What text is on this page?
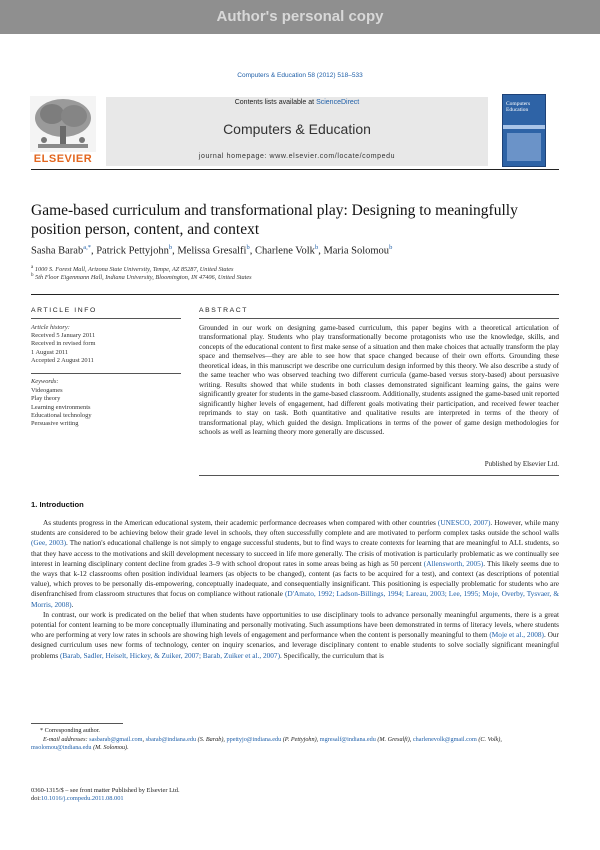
Author's personal copy
Computers & Education 58 (2012) 518–533
ELSEVIER
Contents lists available at ScienceDirect
Computers & Education
journal homepage: www.elsevier.com/locate/compedu
Computers Education
Game-based curriculum and transformational play: Designing to meaningfully position person, content, and context
Sasha Barab$^{a,*}$, Patrick Pettyjohn$^b$, Melissa Gresalfi$^b$, Charlene Volk$^b$, Maria Solomou$^b$
$^a$ 1000 S. Forest Mall, Arizona State University, Tempe, AZ 85287, United States
$^b$ 5th Floor Eigenmann Hall, Indiana University, Bloomington, IN 47406, United States
ARTICLE INFO
Article history:
Received 5 January 2011
Received in revised form
1 August 2011
Accepted 2 August 2011
Keywords:
Videogames
Play theory
Learning environments
Educational technology
Persuasive writing
ABSTRACT
Grounded in our work on designing game-based curriculum, this paper begins with a theoretical articulation of transformational play. Students who play transformationally become protagonists who use the knowledge, skills, and concepts of the educational content to first make sense of a situation and then make choices that actually transform the play space and themselves—they are able to see how that space changed because of their own efforts. Grounding these theoretical ideas, in this manuscript we describe one curriculum design informed by this theory. We also describe a study of the same teacher who was observed teaching two different curricula (game-based versus story-based) about persuasive writing. Results showed that while students in both classes demonstrated significant learning gains, the gains were significantly greater for students in the game-based classroom. Additionally, students assigned the game-based unit reported significantly higher levels of engagement, had different goals motivating their participation, and received fewer teacher reprimands to stay on task. Both quantitative and qualitative results are interpreted in terms of the theory of transformational play, which guided the design. Implications in terms of the power of game design methodologies for schools as well as learning theory more generally are discussed.
Published by Elsevier Ltd.
1. Introduction

As students progress in the American educational system, their academic performance decreases when compared with other countries (UNESCO, 2007). However, while many students are considered to be achieving below their grade level in schools, they often successfully complete and are motivated to perform complex tasks outside the school walls (Gee, 2003). The nation's educational challenge is not simply to engage successful students, but to find ways to create contexts for learning that are meaningful to ALL students, so that they have access to the motivations and skill development necessary to succeed in life more generally. The crisis of motivation is particularly problematic as we continually see interest in learning disciplinary content decline from grades 3–9 with school dropout rates in some areas being as high as 50 percent (Allensworth, 2005). This likely seems due to the ways that k-12 classrooms often position individual learners (as objects to be changed), content (as facts to be acquired for a test), and context (as descriptions of potential value), which proves to be personally dis-empowering, conceptually inadequate, and consequentially insignificant. This positioning is especially problematic for students who are disenfranchised from classroom structures that focus on compliance without rationale (D'Amato, 1992; Ladson-Billings, 1994; Lareau, 2003; Lee, 1995; Moje, Overby, Tysvaer, & Morris, 2008).

In contrast, our work is predicated on the belief that when students have opportunities to use disciplinary tools to advance personally meaningful arguments, there is a great potential for content learning to be more conceptually illuminating and personally motivating. Such assumptions have been demonstrated in terms of literacy levels, where students who are performing at very low rates in schools are showing high levels of engagement and performance when the content is personally meaningful to them (Moje et al., 2008). Our designed curriculum uses new forms of technology, center on inquiry scenarios, and leverage disciplinary content to enable students to solve socially significant meaningful problems (Barab, Sadler, Heiselt, Hickey, & Zuiker, 2007; Barab, Zuiker et al., 2007). Specifically, the curriculum that is

* Corresponding author.
E-mail addresses: sasbarab@gmail.com, sbarab@indiana.edu (S. Barab), ppettyjo@indiana.edu (P. Pettyjohn), mgresalf@indiana.edu (M. Gresalfi), charlenevolk@gmail.com (C. Volk), msolomou@indiana.edu (M. Solomou).
0360-1315/$ – see front matter Published by Elsevier Ltd.
doi:10.1016/j.compedu.2011.08.001
